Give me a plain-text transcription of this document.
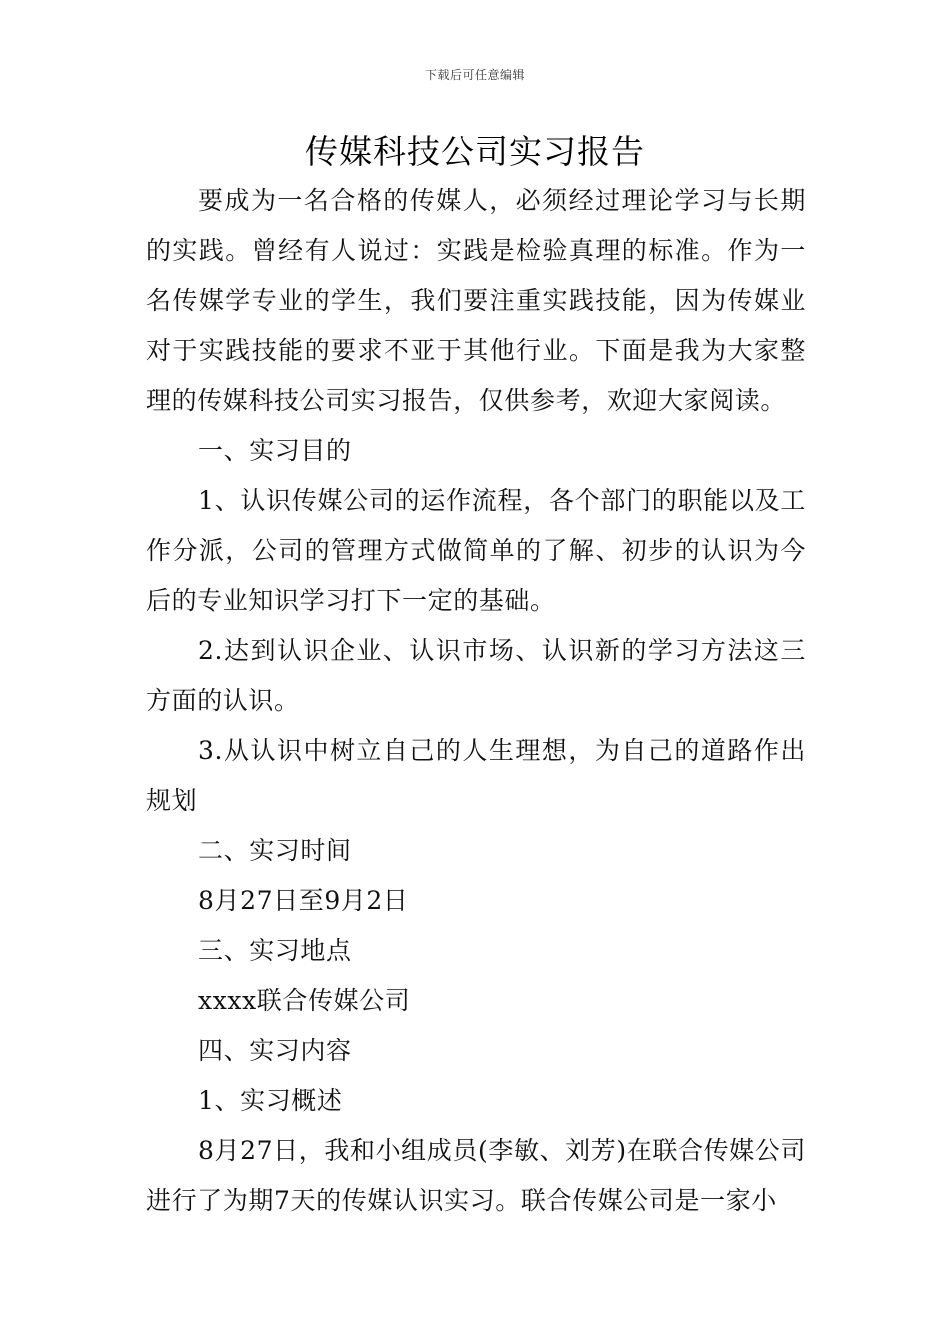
下载后可任意编辑
传媒科技公司实习报告

要成为一名合格的传媒人，必须经过理论学习与长期的实践。曾经有人说过：实践是检验真理的标准。作为一名传媒学专业的学生，我们要注重实践技能，因为传媒业对于实践技能的要求不亚于其他行业。下面是我为大家整理的传媒科技公司实习报告，仅供参考，欢迎大家阅读。

一、实习目的

1、认识传媒公司的运作流程，各个部门的职能以及工作分派，公司的管理方式做简单的了解、初步的认识为今后的专业知识学习打下一定的基础。

2.达到认识企业、认识市场、认识新的学习方法这三方面的认识。

3.从认识中树立自己的人生理想，为自己的道路作出规划

二、实习时间

8月27日至9月2日

三、实习地点

xxxx联合传媒公司

四、实习内容

1、实习概述

8月27日，我和小组成员(李敏、刘芳)在联合传媒公司进行了为期7天的传媒认识实习。联合传媒公司是一家小
